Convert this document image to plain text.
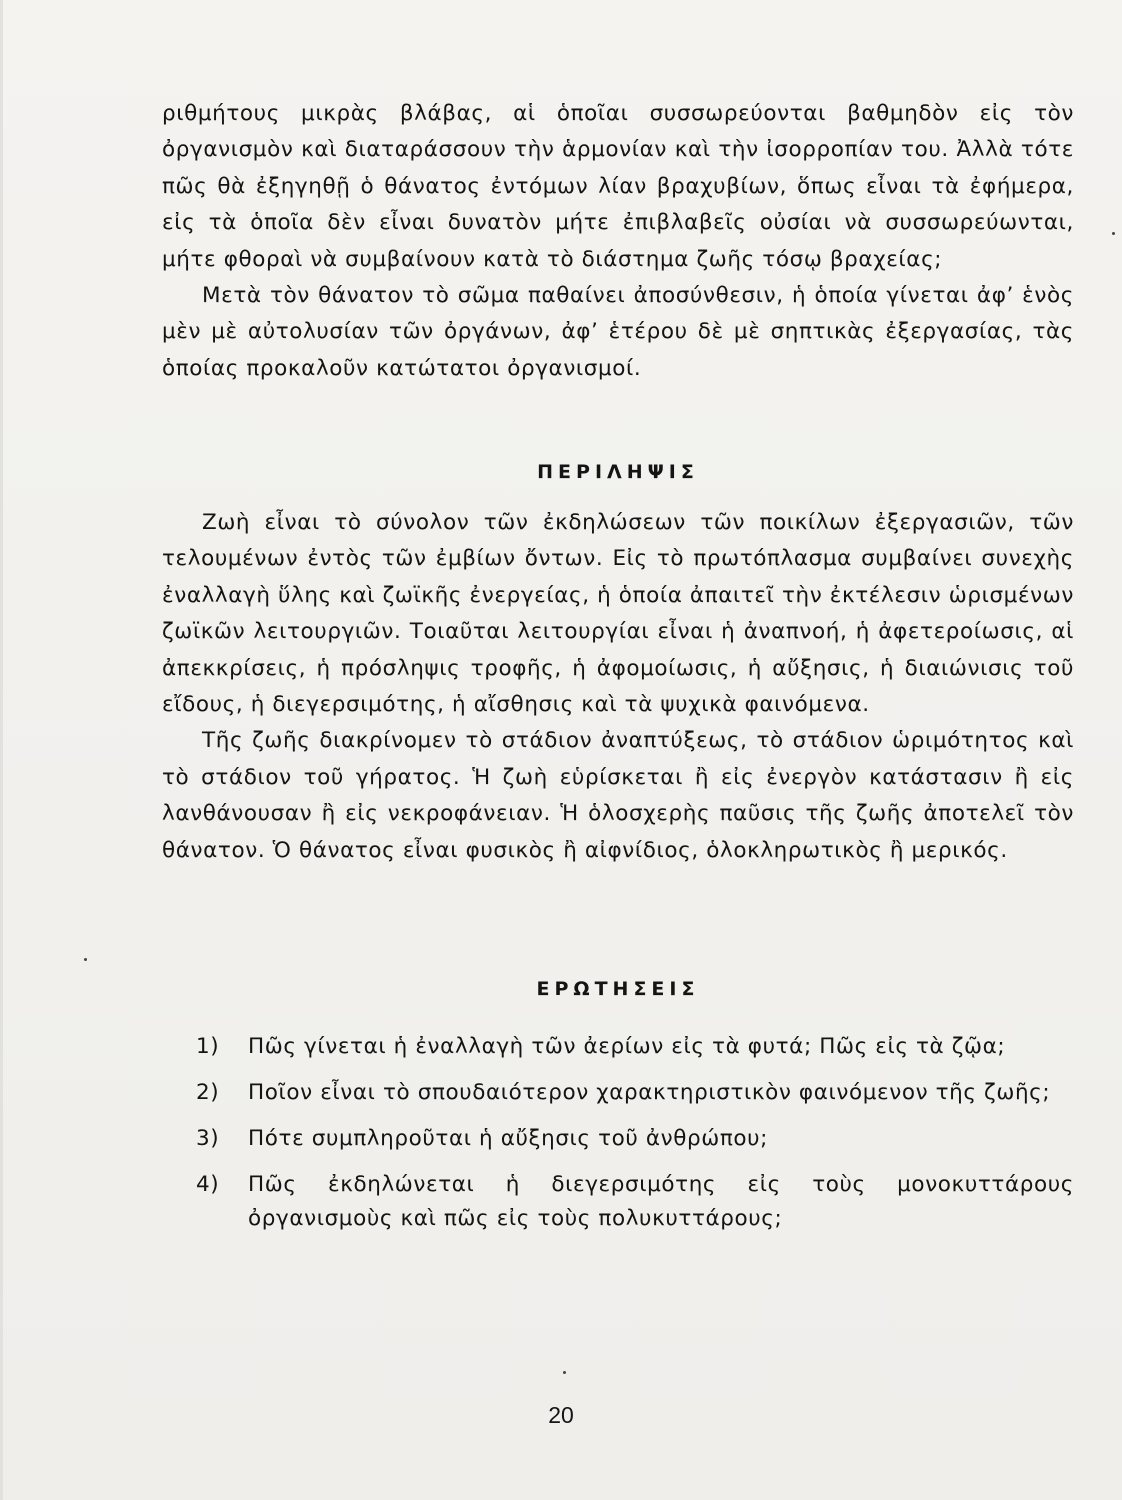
ριθμήτους μικρὰς βλάβας, αἱ ὁποῖαι συσσωρεύονται βαθμηδὸν εἰς τὸν ὀργανισμὸν καὶ διαταράσσουν τὴν ἁρμονίαν καὶ τὴν ἰσορροπίαν του. Ἀλλὰ τότε πῶς θὰ ἐξηγηθῇ ὁ θάνατος ἐντόμων λίαν βραχυβίων, ὅπως εἶναι τὰ ἐφήμερα, εἰς τὰ ὁποῖα δὲν εἶναι δυνατὸν μήτε ἐπιβλαβεῖς οὐσίαι νὰ συσσωρεύωνται, μήτε φθοραὶ νὰ συμβαίνουν κατὰ τὸ διάστημα ζωῆς τόσῳ βραχείας;

Μετὰ τὸν θάνατον τὸ σῶμα παθαίνει ἀποσύνθεσιν, ἡ ὁποία γίνεται ἀφ’ ἑνὸς μὲν μὲ αὐτολυσίαν τῶν ὀργάνων, ἀφ’ ἑτέρου δὲ μὲ σηπτικὰς ἐξεργασίας, τὰς ὁποίας προκαλοῦν κατώτατοι ὀργανισμοί.

ΠΕΡΙΛΗΨΙΣ

Ζωὴ εἶναι τὸ σύνολον τῶν ἐκδηλώσεων τῶν ποικίλων ἐξεργασιῶν, τῶν τελουμένων ἐντὸς τῶν ἐμβίων ὄντων. Εἰς τὸ πρωτόπλασμα συμβαίνει συνεχὴς ἐναλλαγὴ ὕλης καὶ ζωϊκῆς ἐνεργείας, ἡ ὁποία ἀπαιτεῖ τὴν ἐκτέλεσιν ὡρισμένων ζωϊκῶν λειτουργιῶν. Τοιαῦται λειτουργίαι εἶναι ἡ ἀναπνοή, ἡ ἀφετεροίωσις, αἱ ἀπεκκρίσεις, ἡ πρόσληψις τροφῆς, ἡ ἀφομοίωσις, ἡ αὔξησις, ἡ διαιώνισις τοῦ εἴδους, ἡ διεγερσιμότης, ἡ αἴσθησις καὶ τὰ ψυχικὰ φαινόμενα.

Τῆς ζωῆς διακρίνομεν τὸ στάδιον ἀναπτύξεως, τὸ στάδιον ὡριμότητος καὶ τὸ στάδιον τοῦ γήρατος. Ἡ ζωὴ εὑρίσκεται ἢ εἰς ἐνεργὸν κατάστασιν ἢ εἰς λανθάνουσαν ἢ εἰς νεκροφάνειαν. Ἡ ὁλοσχερὴς παῦσις τῆς ζωῆς ἀποτελεῖ τὸν θάνατον. Ὁ θάνατος εἶναι φυσικὸς ἢ αἰφνίδιος, ὁλοκληρωτικὸς ἢ μερικός.

ΕΡΩΤΗΣΕΙΣ
1) Πῶς γίνεται ἡ ἐναλλαγὴ τῶν ἀερίων εἰς τὰ φυτά; Πῶς εἰς τὰ ζῷα;
2) Ποῖον εἶναι τὸ σπουδαιότερον χαρακτηριστικὸν φαινόμενον τῆς ζωῆς;
3) Πότε συμπληροῦται ἡ αὔξησις τοῦ ἀνθρώπου;
4) Πῶς ἐκδηλώνεται ἡ διεγερσιμότης εἰς τοὺς μονοκυττάρους ὀργανισμοὺς καὶ πῶς εἰς τοὺς πολυκυττάρους;
20
